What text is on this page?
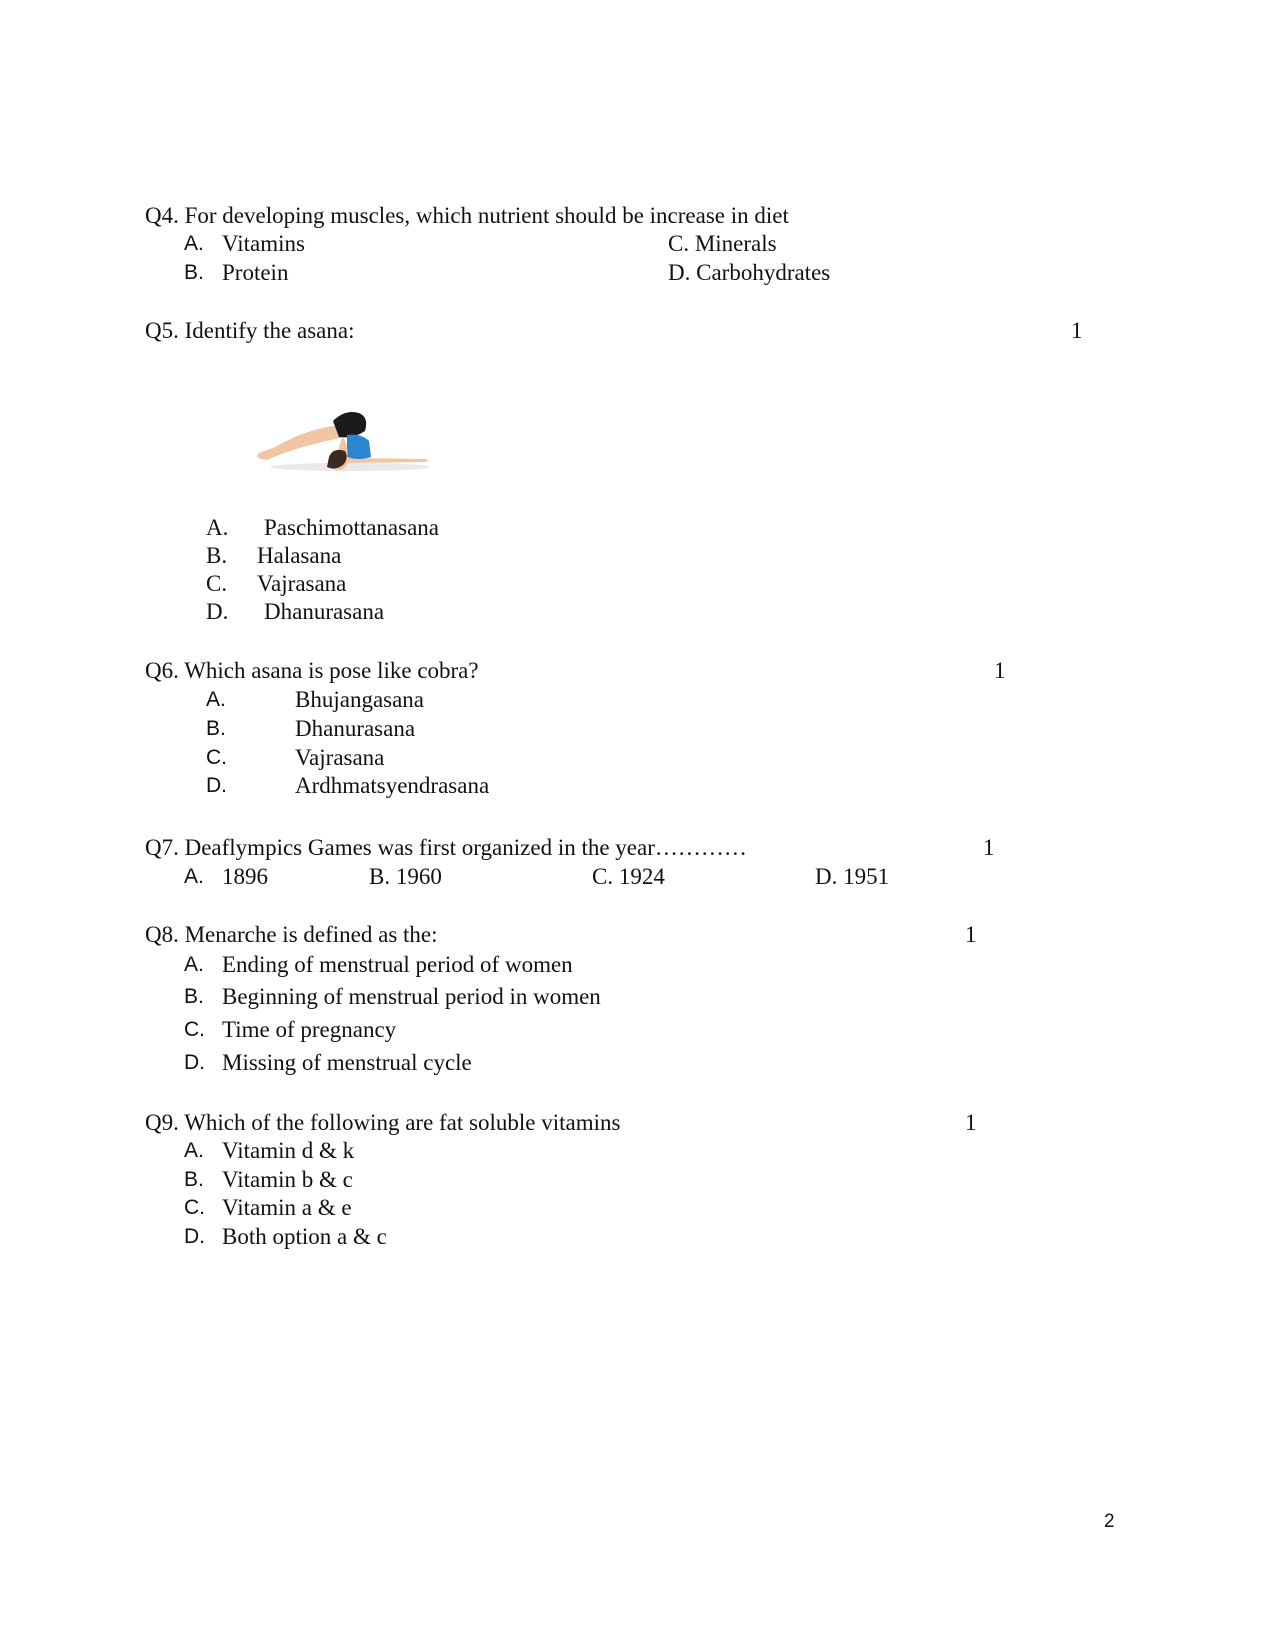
Q4. For developing muscles, which nutrient should be increase in diet
A. Vitamins
B. Protein
C. Minerals
D. Carbohydrates
Q5. Identify the asana:	1
A. Paschimottanasana
B. Halasana
C. Vajrasana
D. Dhanurasana
Q6. Which asana is pose like cobra?	1
A.	Bhujangasana
B.	Dhanurasana
C.	Vajrasana
D.	Ardhmatsyendrasana
Q7. Deaflympics Games was first organized in the year…………	1
A. 1896	B. 1960	C. 1924	D. 1951
Q8. Menarche is defined as the:	1
A. Ending of menstrual period of women
B. Beginning of menstrual period in women
C. Time of pregnancy
D. Missing of menstrual cycle
Q9. Which of the following are fat soluble vitamins	1
A. Vitamin d & k
B. Vitamin b & c
C. Vitamin a & e
D. Both option a & c
2
